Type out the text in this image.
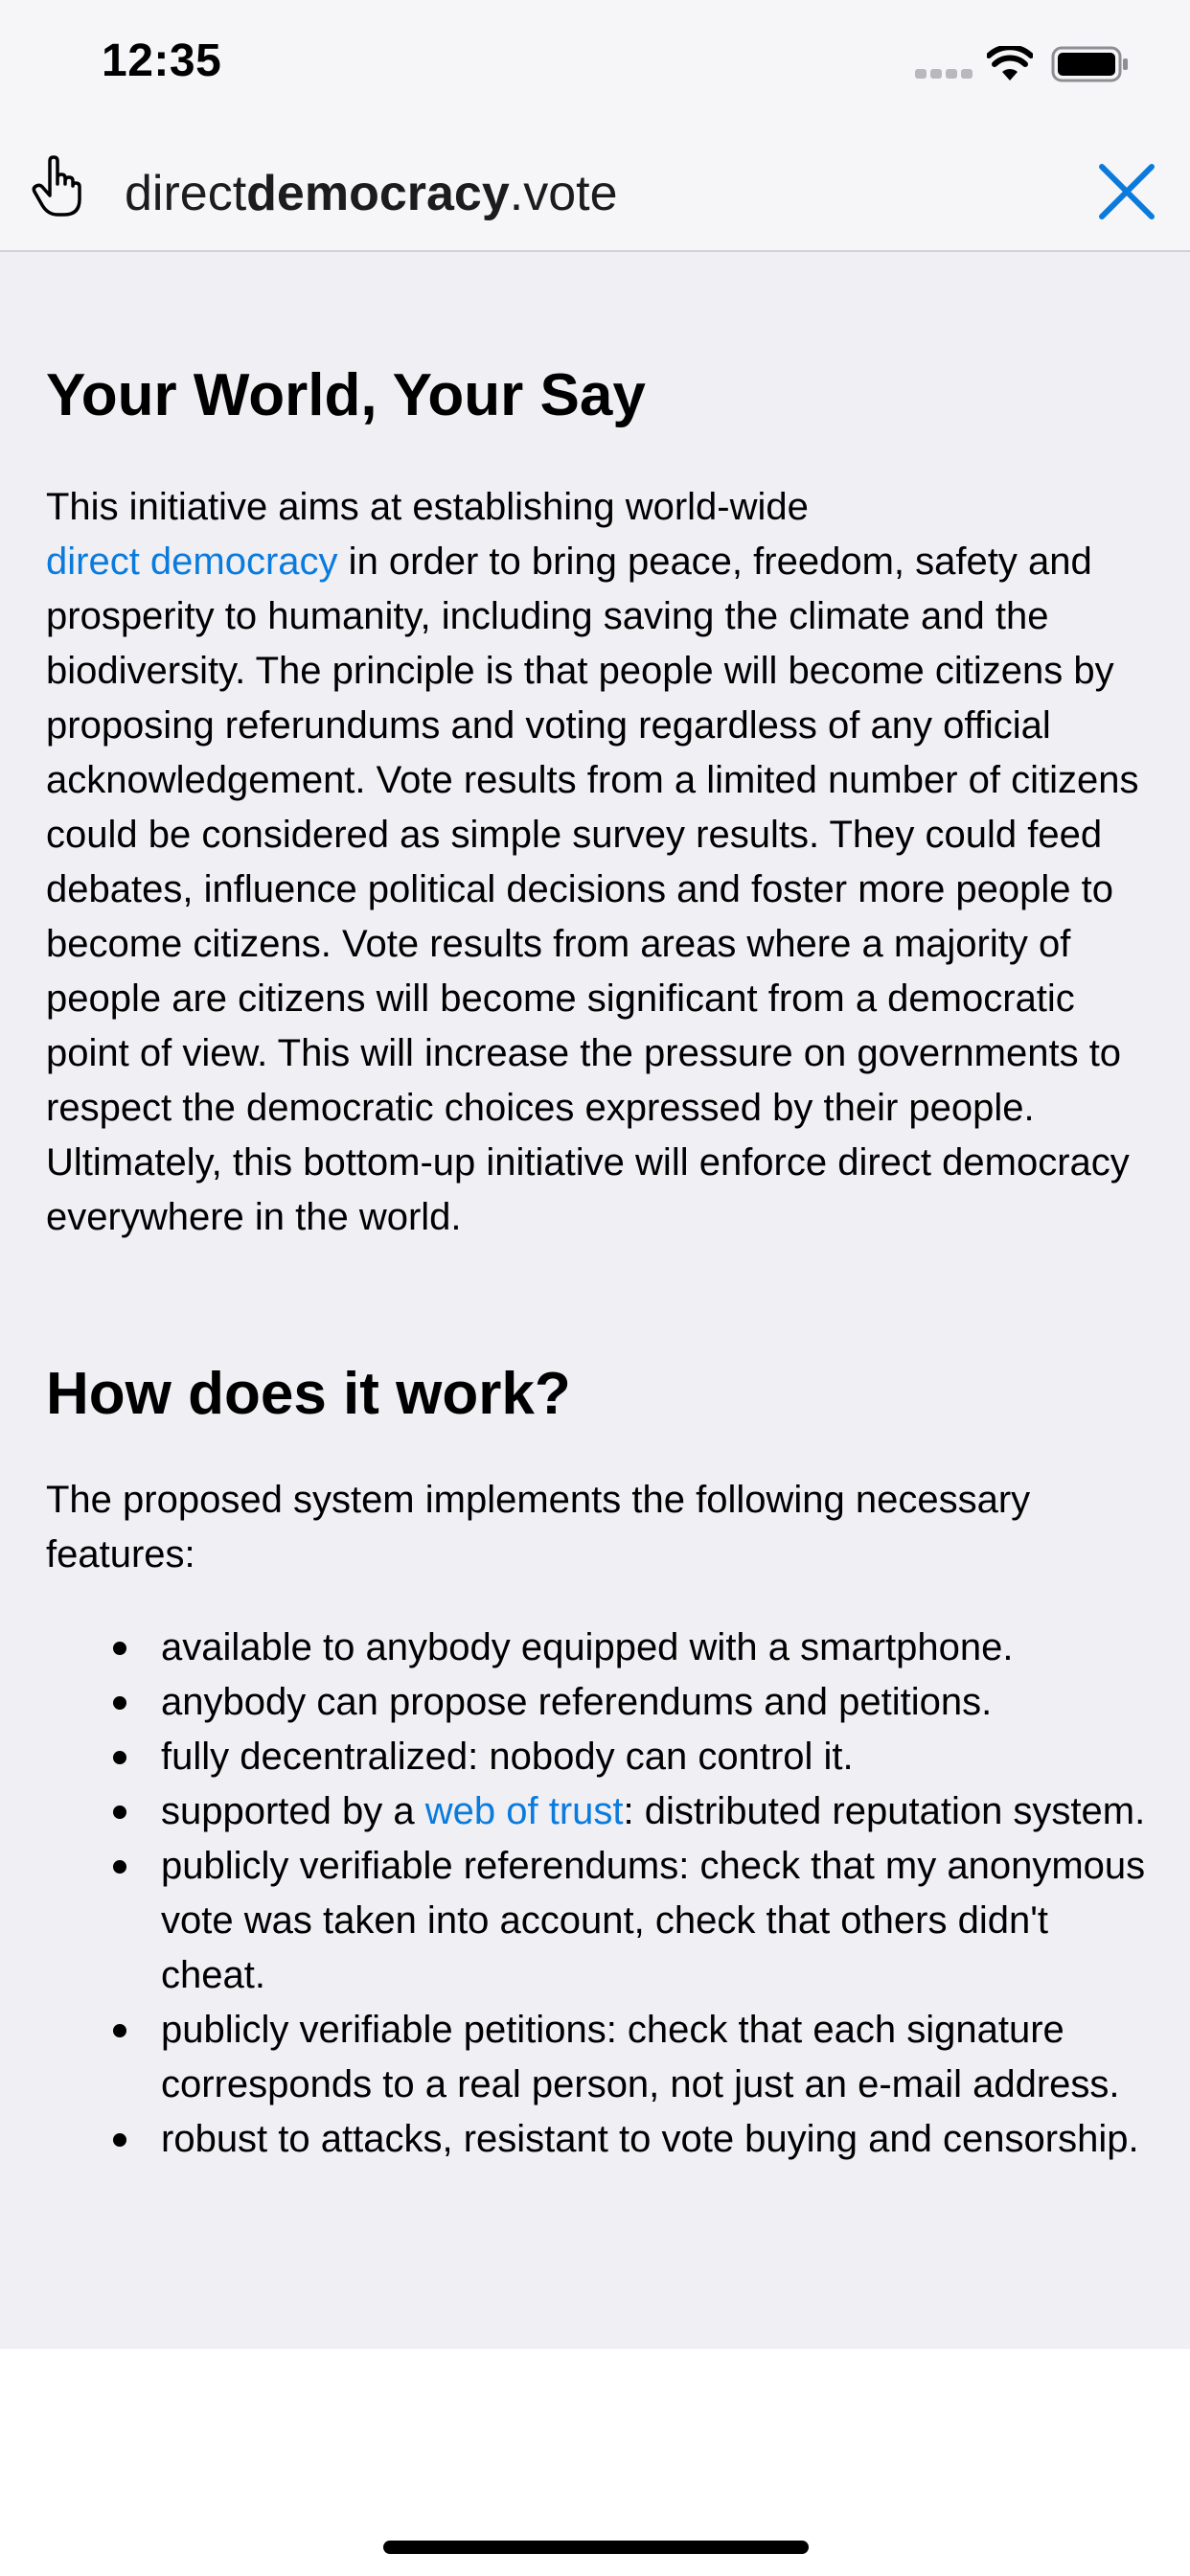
12:35
directdemocracy.vote
Your World, Your Say

This initiative aims at establishing world-wide
direct democracy in order to bring peace, freedom, safety and prosperity to humanity, including saving the climate and the biodiversity. The principle is that people will become citizens by proposing referundums and voting regardless of any official acknowledgement. Vote results from a limited number of citizens could be considered as simple survey results. They could feed debates, influence political decisions and foster more people to become citizens. Vote results from areas where a majority of people are citizens will become significant from a democratic point of view. This will increase the pressure on governments to respect the democratic choices expressed by their people. Ultimately, this bottom-up initiative will enforce direct democracy everywhere in the world.

How does it work?

The proposed system implements the following necessary features:

available to anybody equipped with a smartphone.
anybody can propose referendums and petitions.
fully decentralized: nobody can control it.
supported by a web of trust: distributed reputation system.
publicly verifiable referendums: check that my anonymous vote was taken into account, check that others didn't cheat.
publicly verifiable petitions: check that each signature corresponds to a real person, not just an e-mail address.
robust to attacks, resistant to vote buying and censorship.
